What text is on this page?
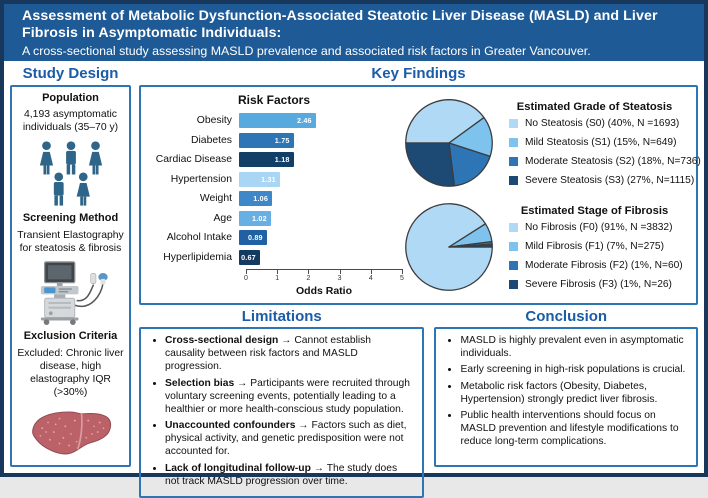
Assessment of Metabolic Dysfunction-Associated Steatotic Liver Disease (MASLD) and Liver Fibrosis in Asymptomatic Individuals:
A cross-sectional study assessing MASLD prevalence and associated risk factors in Greater Vancouver.
Study Design
Population
4,193 asymptomatic individuals (35–70 y)
Screening Method
Transient Elastography for steatosis & fibrosis
Exclusion Criteria
Excluded: Chronic liver disease, high elastography IQR (>30%)
Key Findings
Risk Factors
Obesity	2.46
Diabetes	1.75
Cardiac Disease	1.18
Hypertension	1.31
Weight	1.06
Age	1.02
Alcohol Intake	0.89
Hyperlipidemia	0.67
0	1	2	3	4	5
Odds Ratio
Estimated Grade of Steatosis
No Steatosis (S0) (40%, N =1693)
Mild Steatosis (S1) (15%, N=649)
Moderate Steatosis (S2) (18%, N=736)
Severe Steatosis (S3) (27%, N=1115)
Estimated Stage of Fibrosis
No Fibrosis (F0) (91%, N =3832)
Mild Fibrosis (F1) (7%, N=275)
Moderate Fibrosis (F2) (1%, N=60)
Severe Fibrosis (F3) (1%, N=26)
Limitations
• Cross-sectional design → Cannot establish causality between risk factors and MASLD progression.
• Selection bias → Participants were recruited through voluntary screening events, potentially leading to a healthier or more health-conscious study population.
• Unaccounted confounders → Factors such as diet, physical activity, and genetic predisposition were not accounted for.
• Lack of longitudinal follow-up → The study does not track MASLD progression over time.
Conclusion
• MASLD is highly prevalent even in asymptomatic individuals.
• Early screening in high-risk populations is crucial.
• Metabolic risk factors (Obesity, Diabetes, Hypertension) strongly predict liver fibrosis.
• Public health interventions should focus on MASLD prevention and lifestyle modifications to reduce long-term complications.
